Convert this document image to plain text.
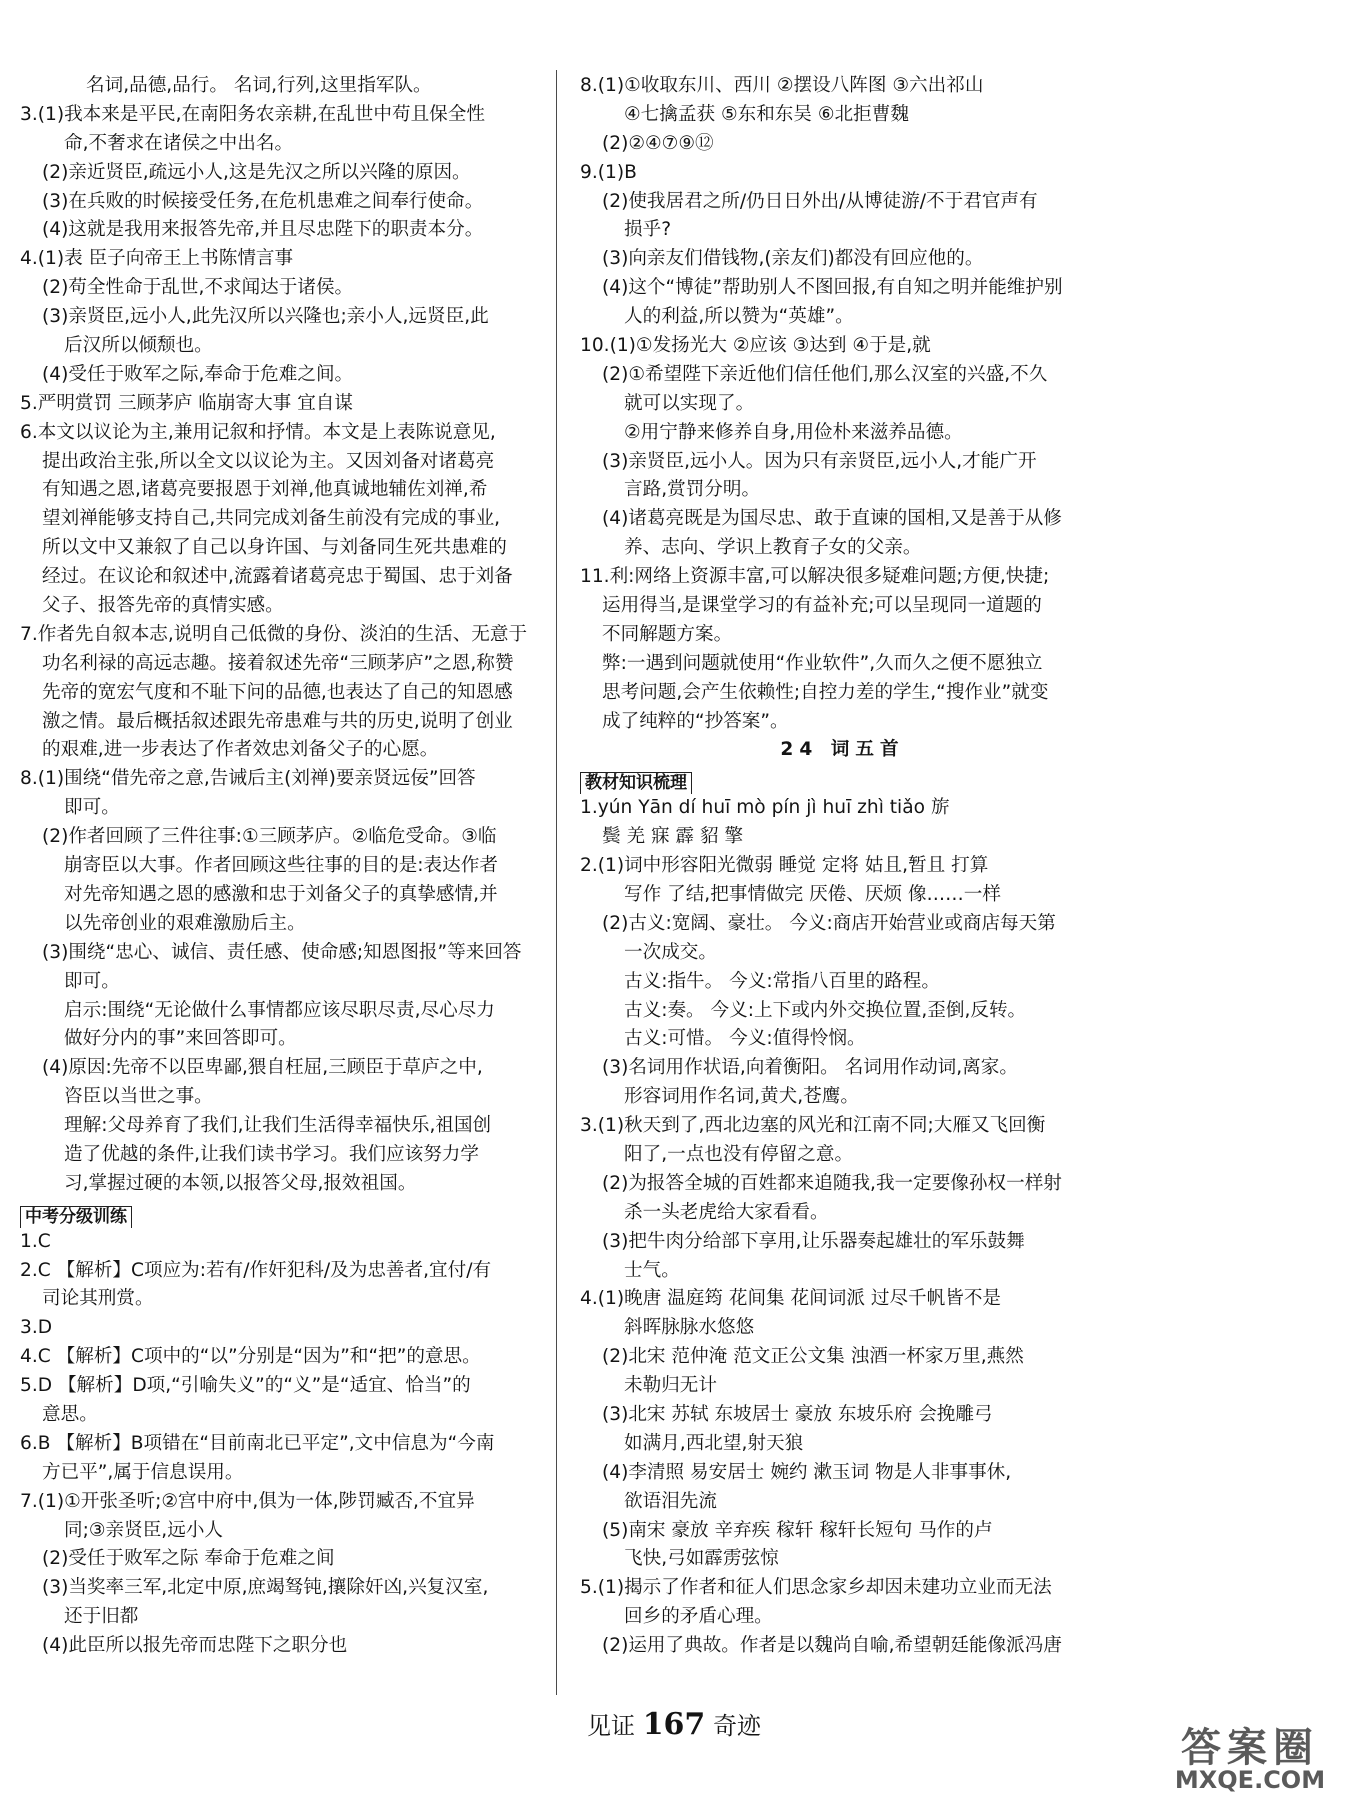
名词,品德,品行。 名词,行列,这里指军队。
3.(1)我本来是平民,在南阳务农亲耕,在乱世中苟且保全性
命,不奢求在诸侯之中出名。
(2)亲近贤臣,疏远小人,这是先汉之所以兴隆的原因。
(3)在兵败的时候接受任务,在危机患难之间奉行使命。
(4)这就是我用来报答先帝,并且尽忠陛下的职责本分。
4.(1)表 臣子向帝王上书陈情言事
(2)苟全性命于乱世,不求闻达于诸侯。
(3)亲贤臣,远小人,此先汉所以兴隆也;亲小人,远贤臣,此
后汉所以倾颓也。
(4)受任于败军之际,奉命于危难之间。
5.严明赏罚 三顾茅庐 临崩寄大事 宜自谋
6.本文以议论为主,兼用记叙和抒情。本文是上表陈说意见,
提出政治主张,所以全文以议论为主。又因刘备对诸葛亮
有知遇之恩,诸葛亮要报恩于刘禅,他真诚地辅佐刘禅,希
望刘禅能够支持自己,共同完成刘备生前没有完成的事业,
所以文中又兼叙了自己以身许国、与刘备同生死共患难的
经过。在议论和叙述中,流露着诸葛亮忠于蜀国、忠于刘备
父子、报答先帝的真情实感。
7.作者先自叙本志,说明自己低微的身份、淡泊的生活、无意于
功名利禄的高远志趣。接着叙述先帝“三顾茅庐”之恩,称赞
先帝的宽宏气度和不耻下问的品德,也表达了自己的知恩感
激之情。最后概括叙述跟先帝患难与共的历史,说明了创业
的艰难,进一步表达了作者效忠刘备父子的心愿。
8.(1)围绕“借先帝之意,告诫后主(刘禅)要亲贤远佞”回答
即可。
(2)作者回顾了三件往事:①三顾茅庐。②临危受命。③临
崩寄臣以大事。作者回顾这些往事的目的是:表达作者
对先帝知遇之恩的感激和忠于刘备父子的真挚感情,并
以先帝创业的艰难激励后主。
(3)围绕“忠心、诚信、责任感、使命感;知恩图报”等来回答
即可。
启示:围绕“无论做什么事情都应该尽职尽责,尽心尽力
做好分内的事”来回答即可。
(4)原因:先帝不以臣卑鄙,猥自枉屈,三顾臣于草庐之中,
咨臣以当世之事。
理解:父母养育了我们,让我们生活得幸福快乐,祖国创
造了优越的条件,让我们读书学习。我们应该努力学
习,掌握过硬的本领,以报答父母,报效祖国。
中考分级训练
1.C
2.C 【解析】C项应为:若有/作奸犯科/及为忠善者,宜付/有
司论其刑赏。
3.D
4.C 【解析】C项中的“以”分别是“因为”和“把”的意思。
5.D 【解析】D项,“引喻失义”的“义”是“适宜、恰当”的
意思。
6.B 【解析】B项错在“目前南北已平定”,文中信息为“今南
方已平”,属于信息误用。
7.(1)①开张圣听;②宫中府中,俱为一体,陟罚臧否,不宜异
同;③亲贤臣,远小人
(2)受任于败军之际 奉命于危难之间
(3)当奖率三军,北定中原,庶竭驽钝,攘除奸凶,兴复汉室,
还于旧都
(4)此臣所以报先帝而忠陛下之职分也
8.(1)①收取东川、西川 ②摆设八阵图 ③六出祁山
④七擒孟获 ⑤东和东吴 ⑥北拒曹魏
(2)②④⑦⑨⑫
9.(1)B
(2)使我居君之所/仍日日外出/从博徒游/不于君官声有
损乎?
(3)向亲友们借钱物,(亲友们)都没有回应他的。
(4)这个“博徒”帮助别人不图回报,有自知之明并能维护别
人的利益,所以赞为“英雄”。
10.(1)①发扬光大 ②应该 ③达到 ④于是,就
(2)①希望陛下亲近他们信任他们,那么汉室的兴盛,不久
就可以实现了。
②用宁静来修养自身,用俭朴来滋养品德。
(3)亲贤臣,远小人。因为只有亲贤臣,远小人,才能广开
言路,赏罚分明。
(4)诸葛亮既是为国尽忠、敢于直谏的国相,又是善于从修
养、志向、学识上教育子女的父亲。
11.利:网络上资源丰富,可以解决很多疑难问题;方便,快捷;
运用得当,是课堂学习的有益补充;可以呈现同一道题的
不同解题方案。
弊:一遇到问题就使用“作业软件”,久而久之便不愿独立
思考问题,会产生依赖性;自控力差的学生,“搜作业”就变
成了纯粹的“抄答案”。
24 词五首
教材知识梳理
1.yún Yān dí huī mò pín jì huī zhì tiǎo 旂
鬓 羌 寐 霹 貂 擎
2.(1)词中形容阳光微弱 睡觉 定将 姑且,暂且 打算
写作 了结,把事情做完 厌倦、厌烦 像……一样
(2)古义:宽阔、豪壮。 今义:商店开始营业或商店每天第
一次成交。
古义:指牛。 今义:常指八百里的路程。
古义:奏。 今义:上下或内外交换位置,歪倒,反转。
古义:可惜。 今义:值得怜悯。
(3)名词用作状语,向着衡阳。 名词用作动词,离家。
形容词用作名词,黄犬,苍鹰。
3.(1)秋天到了,西北边塞的风光和江南不同;大雁又飞回衡
阳了,一点也没有停留之意。
(2)为报答全城的百姓都来追随我,我一定要像孙权一样射
杀一头老虎给大家看看。
(3)把牛肉分给部下享用,让乐器奏起雄壮的军乐鼓舞
士气。
4.(1)晚唐 温庭筠 花间集 花间词派 过尽千帆皆不是
斜晖脉脉水悠悠
(2)北宋 范仲淹 范文正公文集 浊酒一杯家万里,燕然
未勒归无计
(3)北宋 苏轼 东坡居士 豪放 东坡乐府 会挽雕弓
如满月,西北望,射天狼
(4)李清照 易安居士 婉约 漱玉词 物是人非事事休,
欲语泪先流
(5)南宋 豪放 辛弃疾 稼轩 稼轩长短句 马作的卢
飞快,弓如霹雳弦惊
5.(1)揭示了作者和征人们思念家乡却因未建功立业而无法
回乡的矛盾心理。
(2)运用了典故。作者是以魏尚自喻,希望朝廷能像派冯唐
见证 167 奇迹	答案圈
MXQE.COM
